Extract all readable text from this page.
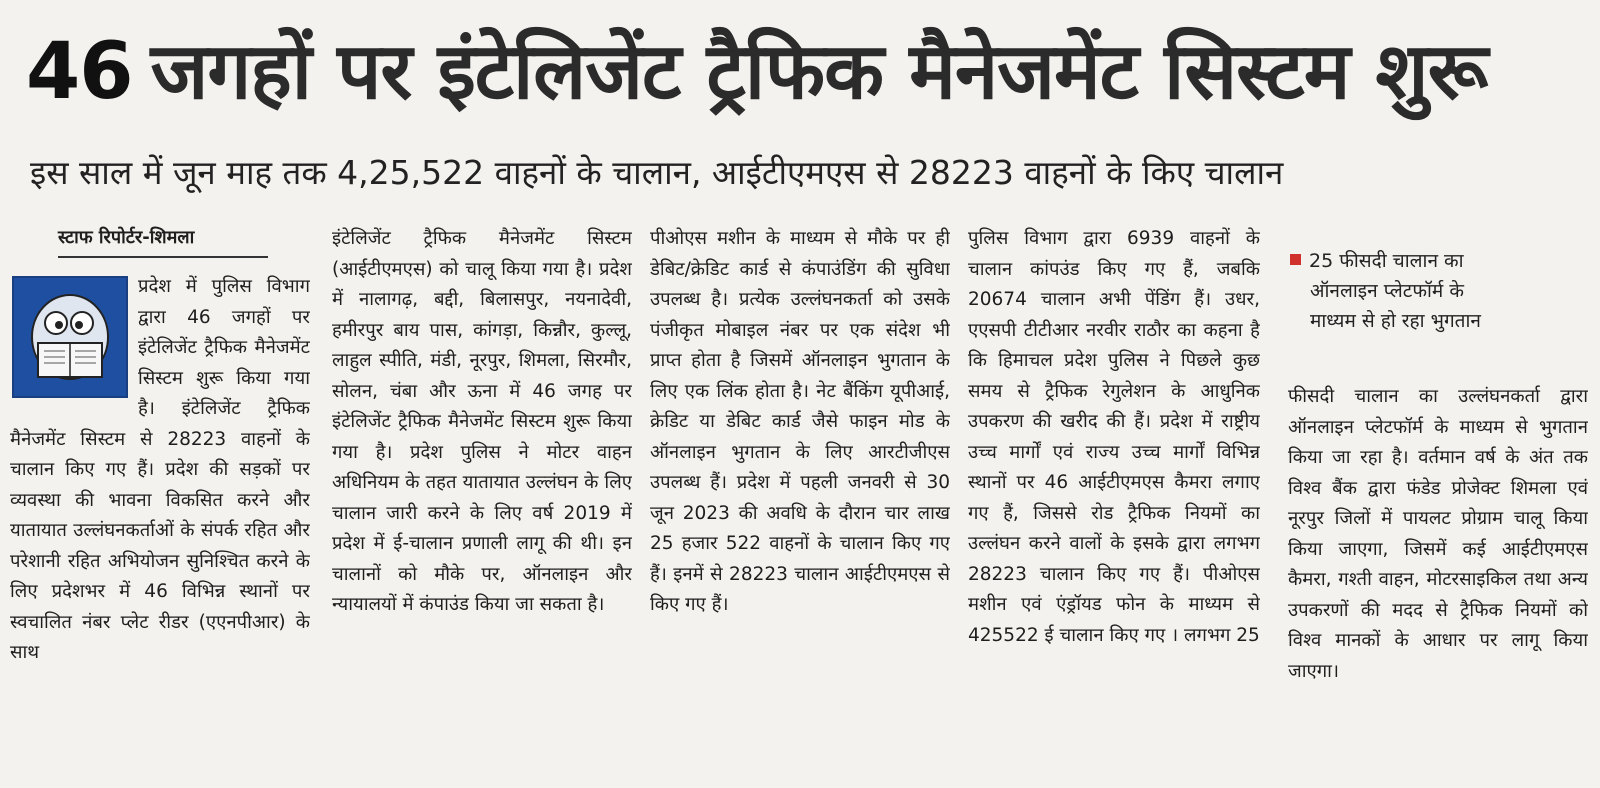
46 जगहों पर इंटेलिजेंट ट्रैफिक मैनेजमेंट सिस्टम शुरू
इस साल में जून माह तक 4,25,522 वाहनों के चालान, आईटीएमएस से 28223 वाहनों के किए चालान
स्टाफ रिपोर्टर-शिमला
प्रदेश में पुलिस विभाग द्वारा 46 जगहों पर इंटेलिजेंट ट्रैफिक मैनेजमेंट सिस्टम शुरू किया गया है। इंटेलिजेंट ट्रैफिक मैनेजमेंट सिस्टम से 28223 वाहनों के चालान किए गए हैं। प्रदेश की सड़कों पर व्यवस्था की भावना विकसित करने और यातायात उल्लंघनकर्ताओं के संपर्क रहित और परेशानी रहित अभियोजन सुनिश्चित करने के लिए प्रदेशभर में 46 विभिन्न स्थानों पर स्वचालित नंबर प्लेट रीडर (एएनपीआर) के साथ
इंटेलिजेंट ट्रैफिक मैनेजमेंट सिस्टम (आईटीएमएस) को चालू किया गया है। प्रदेश में नालागढ़, बद्दी, बिलासपुर, नयनादेवी, हमीरपुर बाय पास, कांगड़ा, किन्नौर, कुल्लू, लाहुल स्पीति, मंडी, नूरपुर, शिमला, सिरमौर, सोलन, चंबा और ऊना में 46 जगह पर इंटेलिजेंट ट्रैफिक मैनेजमेंट सिस्टम शुरू किया गया है। प्रदेश पुलिस ने मोटर वाहन अधिनियम के तहत यातायात उल्लंघन के लिए चालान जारी करने के लिए वर्ष 2019 में प्रदेश में ई-चालान प्रणाली लागू की थी। इन चालानों को मौके पर, ऑनलाइन और न्यायालयों में कंपाउंड किया जा सकता है।
पीओएस मशीन के माध्यम से मौके पर ही डेबिट/क्रेडिट कार्ड से कंपाउंडिंग की सुविधा उपलब्ध है। प्रत्येक उल्लंघनकर्ता को उसके पंजीकृत मोबाइल नंबर पर एक संदेश भी प्राप्त होता है जिसमें ऑनलाइन भुगतान के लिए एक लिंक होता है। नेट बैंकिंग यूपीआई, क्रेडिट या डेबिट कार्ड जैसे फाइन मोड के ऑनलाइन भुगतान के लिए आरटीजीएस उपलब्ध हैं। प्रदेश में पहली जनवरी से 30 जून 2023 की अवधि के दौरान चार लाख 25 हजार 522 वाहनों के चालान किए गए हैं। इनमें से 28223 चालान आईटीएमएस से किए गए हैं।
पुलिस विभाग द्वारा 6939 वाहनों के चालान कांपउंड किए गए हैं, जबकि 20674 चालान अभी पेंडिंग हैं। उधर, एएसपी टीटीआर नरवीर राठौर का कहना है कि हिमाचल प्रदेश पुलिस ने पिछले कुछ समय से ट्रैफिक रेगुलेशन के आधुनिक उपकरण की खरीद की हैं। प्रदेश में राष्ट्रीय उच्च मार्गों एवं राज्य उच्च मार्गों विभिन्न स्थानों पर 46 आईटीएमएस कैमरा लगाए गए हैं, जिससे रोड ट्रैफिक नियमों का उल्लंघन करने वालों के इसके द्वारा लगभग 28223 चालान किए गए हैं। पीओएस मशीन एवं एंड्रॉयड फोन के माध्यम से 425522 ई चालान किए गए । लगभग 25
25 फीसदी चालान का
ऑनलाइन प्लेटफॉर्म के
माध्यम से हो रहा भुगतान
फीसदी चालान का उल्लंघनकर्ता द्वारा ऑनलाइन प्लेटफॉर्म के माध्यम से भुगतान किया जा रहा है। वर्तमान वर्ष के अंत तक विश्व बैंक द्वारा फंडेड प्रोजेक्ट शिमला एवं नूरपुर जिलों में पायलट प्रोग्राम चालू किया किया जाएगा, जिसमें कई आईटीएमएस कैमरा, गश्ती वाहन, मोटरसाइकिल तथा अन्य उपकरणों की मदद से ट्रैफिक नियमों को विश्व मानकों के आधार पर लागू किया जाएगा।
